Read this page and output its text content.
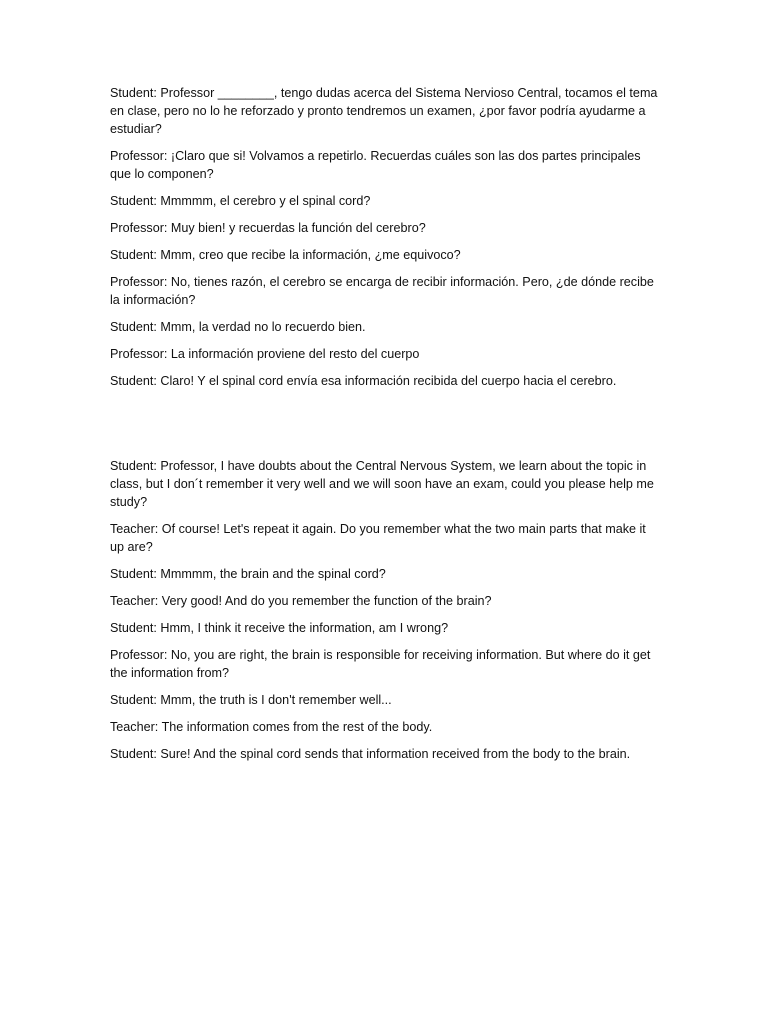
Student: Professor ________, tengo dudas acerca del Sistema Nervioso Central, tocamos el tema en clase, pero no lo he reforzado y pronto tendremos un examen, ¿por favor podría ayudarme a estudiar?

Professor: ¡Claro que si! Volvamos a repetirlo. Recuerdas cuáles son las dos partes principales que lo componen?

Student: Mmmmm, el cerebro y el spinal cord?

Professor: Muy bien! y recuerdas la función del cerebro?

Student: Mmm, creo que recibe la información, ¿me equivoco?

Professor: No, tienes razón, el cerebro se encarga de recibir información. Pero, ¿de dónde recibe la información?

Student: Mmm, la verdad no lo recuerdo bien.

Professor: La información proviene del resto del cuerpo

Student: Claro! Y el spinal cord envía esa información recibida del cuerpo hacia el cerebro.

Student: Professor, I have doubts about the Central Nervous System, we learn about the topic in class, but I don´t remember it very well and we will soon have an exam, could you please help me study?

Teacher: Of course! Let's repeat it again. Do you remember what the two main parts that make it up are?

Student: Mmmmm, the brain and the spinal cord?

Teacher: Very good! And do you remember the function of the brain?

Student: Hmm, I think it receive the information, am I wrong?

Professor: No, you are right, the brain is responsible for receiving information. But where do it get the information from?

Student: Mmm, the truth is I don't remember well...

Teacher: The information comes from the rest of the body.

Student: Sure! And the spinal cord sends that information received from the body to the brain.
